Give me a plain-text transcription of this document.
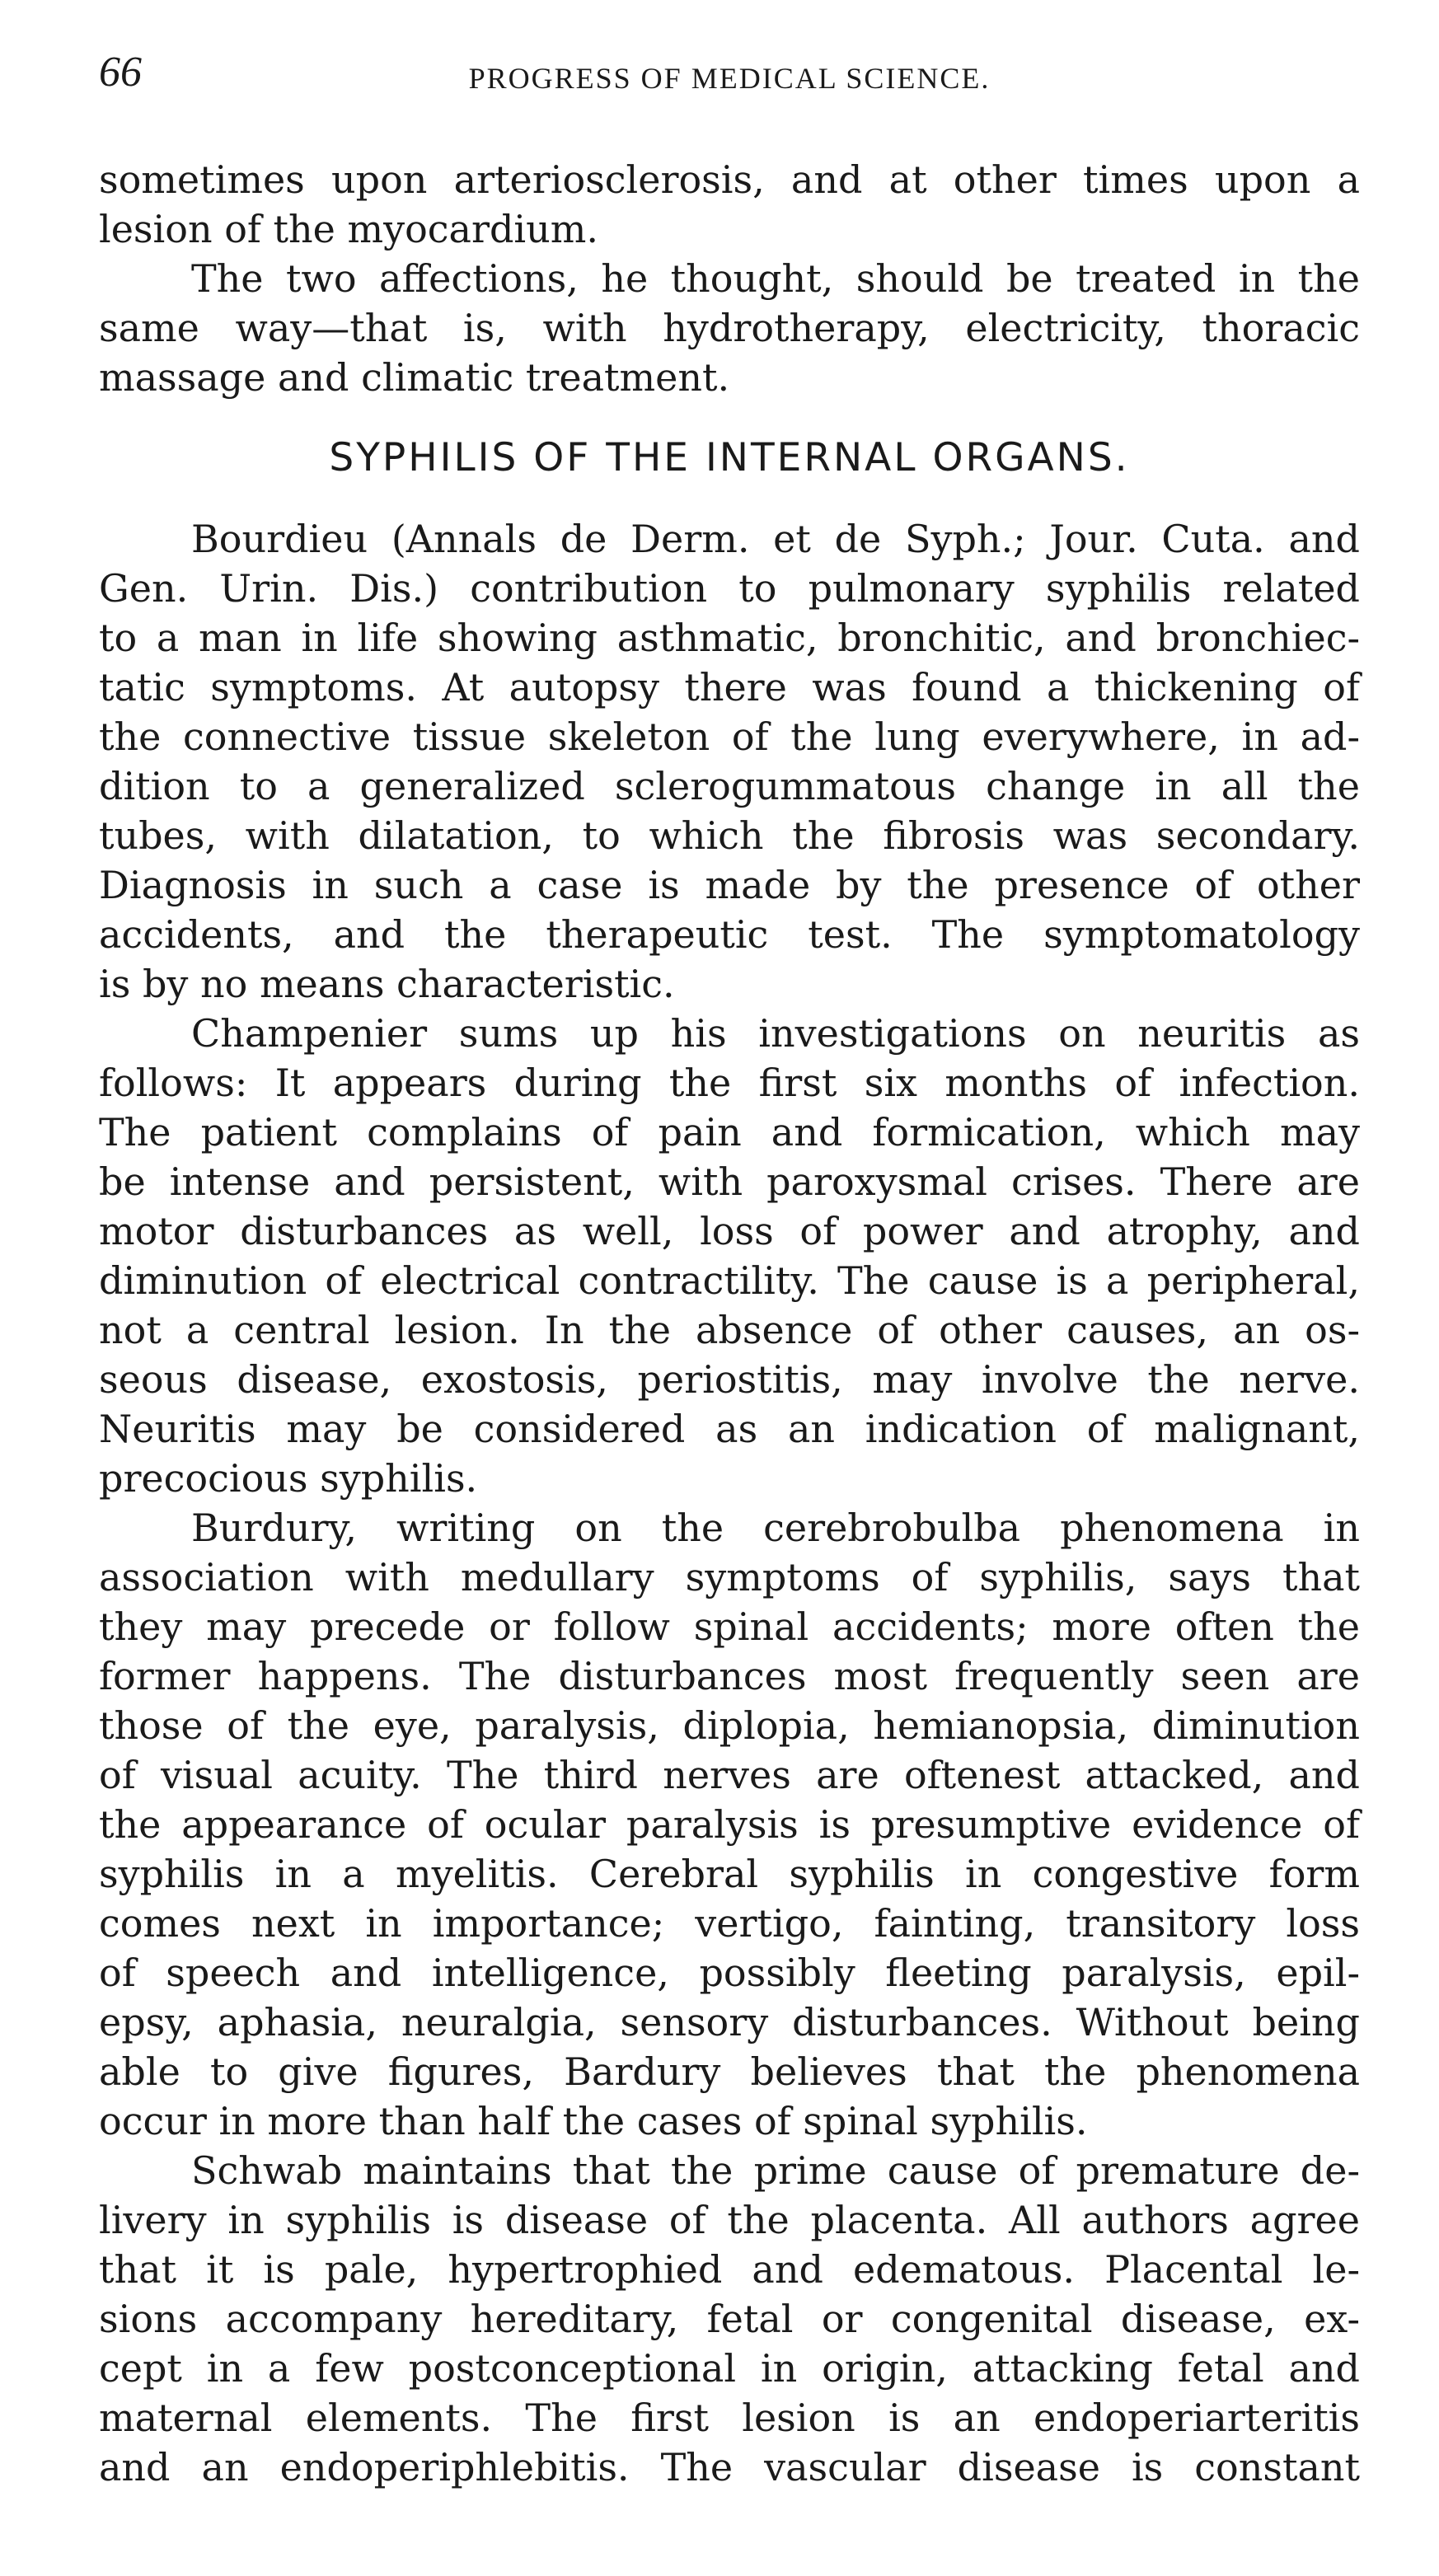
66	PROGRESS OF MEDICAL SCIENCE.
sometimes upon arteriosclerosis, and at other times upon a
lesion of the myocardium.
The two affections, he thought, should be treated in the
same way—that is, with hydrotherapy, electricity, thoracic
massage and climatic treatment.
SYPHILIS OF THE INTERNAL ORGANS.
Bourdieu (Annals de Derm. et de Syph.; Jour. Cuta. and
Gen. Urin. Dis.) contribution to pulmonary syphilis related
to a man in life showing asthmatic, bronchitic, and bronchiec-
tatic symptoms. At autopsy there was found a thickening of
the connective tissue skeleton of the lung everywhere, in ad-
dition to a generalized sclerogummatous change in all the
tubes, with dilatation, to which the fibrosis was secondary.
Diagnosis in such a case is made by the presence of other
accidents, and the therapeutic test. The symptomatology
is by no means characteristic.
Champenier sums up his investigations on neuritis as
follows: It appears during the first six months of infection.
The patient complains of pain and formication, which may
be intense and persistent, with paroxysmal crises. There are
motor disturbances as well, loss of power and atrophy, and
diminution of electrical contractility. The cause is a peripheral,
not a central lesion. In the absence of other causes, an os-
seous disease, exostosis, periostitis, may involve the nerve.
Neuritis may be considered as an indication of malignant,
precocious syphilis.
Burdury, writing on the cerebrobulba phenomena in
association with medullary symptoms of syphilis, says that
they may precede or follow spinal accidents; more often the
former happens. The disturbances most frequently seen are
those of the eye, paralysis, diplopia, hemianopsia, diminution
of visual acuity. The third nerves are oftenest attacked, and
the appearance of ocular paralysis is presumptive evidence of
syphilis in a myelitis. Cerebral syphilis in congestive form
comes next in importance; vertigo, fainting, transitory loss
of speech and intelligence, possibly fleeting paralysis, epil-
epsy, aphasia, neuralgia, sensory disturbances. Without being
able to give figures, Bardury believes that the phenomena
occur in more than half the cases of spinal syphilis.
Schwab maintains that the prime cause of premature de-
livery in syphilis is disease of the placenta. All authors agree
that it is pale, hypertrophied and edematous. Placental le-
sions accompany hereditary, fetal or congenital disease, ex-
cept in a few postconceptional in origin, attacking fetal and
maternal elements. The first lesion is an endoperiarteritis
and an endoperiphlebitis. The vascular disease is constant
